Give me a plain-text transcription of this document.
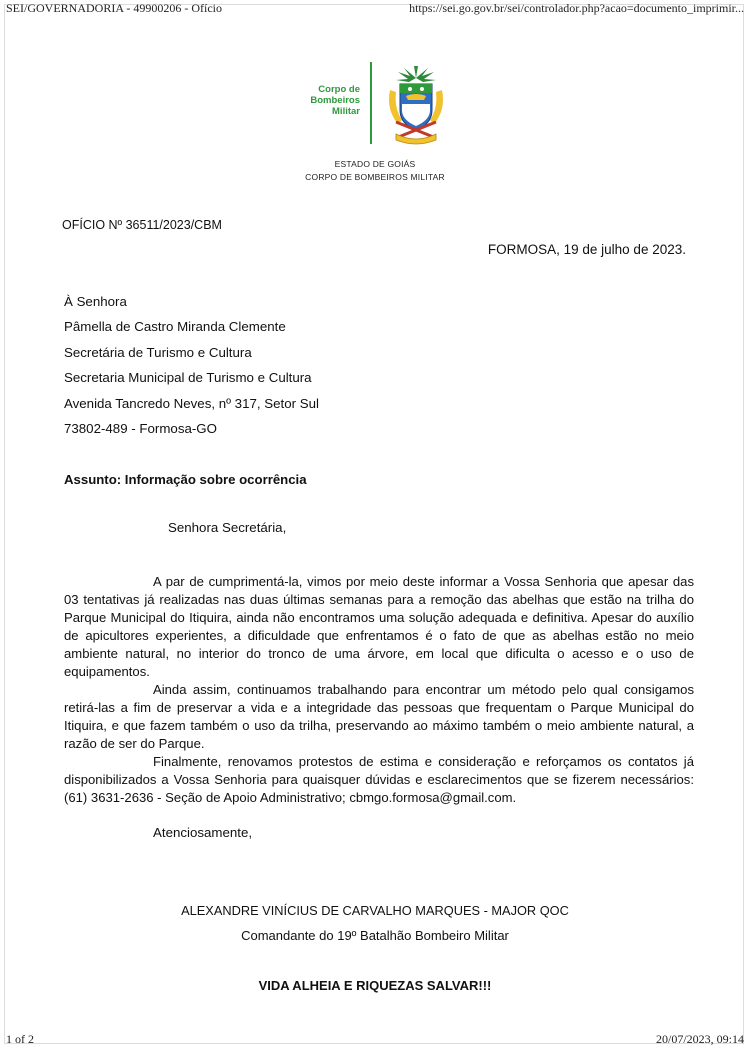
SEI/GOVERNADORIA - 49900206 - Ofício	https://sei.go.gov.br/sei/controlador.php?acao=documento_imprimir...
Corpo de
Bombeiros
Militar
ESTADO DE GOIÁS
CORPO DE BOMBEIROS MILITAR
OFÍCIO Nº 36511/2023/CBM
FORMOSA, 19 de julho de 2023.
À Senhora
Pâmella de Castro Miranda Clemente
Secretária de Turismo e Cultura
Secretaria Municipal de Turismo e Cultura
Avenida Tancredo Neves, nº 317, Setor Sul
73802-489 - Formosa-GO
Assunto: Informação sobre ocorrência
Senhora Secretária,

A par de cumprimentá-la, vimos por meio deste informar a Vossa Senhoria que apesar das 03 tentativas já realizadas nas duas últimas semanas para a remoção das abelhas que estão na trilha do Parque Municipal do Itiquira, ainda não encontramos uma solução adequada e definitiva. Apesar do auxílio de apicultores experientes, a dificuldade que enfrentamos é o fato de que as abelhas estão no meio ambiente natural, no interior do tronco de uma árvore, em local que dificulta o acesso e o uso de equipamentos.

Ainda assim, continuamos trabalhando para encontrar um método pelo qual consigamos retirá-las a fim de preservar a vida e a integridade das pessoas que frequentam o Parque Municipal do Itiquira, e que fazem também o uso da trilha, preservando ao máximo também o meio ambiente natural, a razão de ser do Parque.

Finalmente, renovamos protestos de estima e consideração e reforçamos os contatos já disponibilizados a Vossa Senhoria para quaisquer dúvidas e esclarecimentos que se fizerem necessários: (61) 3631-2636 - Seção de Apoio Administrativo; cbmgo.formosa@gmail.com.

Atenciosamente,
ALEXANDRE VINÍCIUS DE CARVALHO MARQUES - MAJOR QOC
Comandante do 19º Batalhão Bombeiro Militar
VIDA ALHEIA E RIQUEZAS SALVAR!!!
1 of 2	20/07/2023, 09:14
